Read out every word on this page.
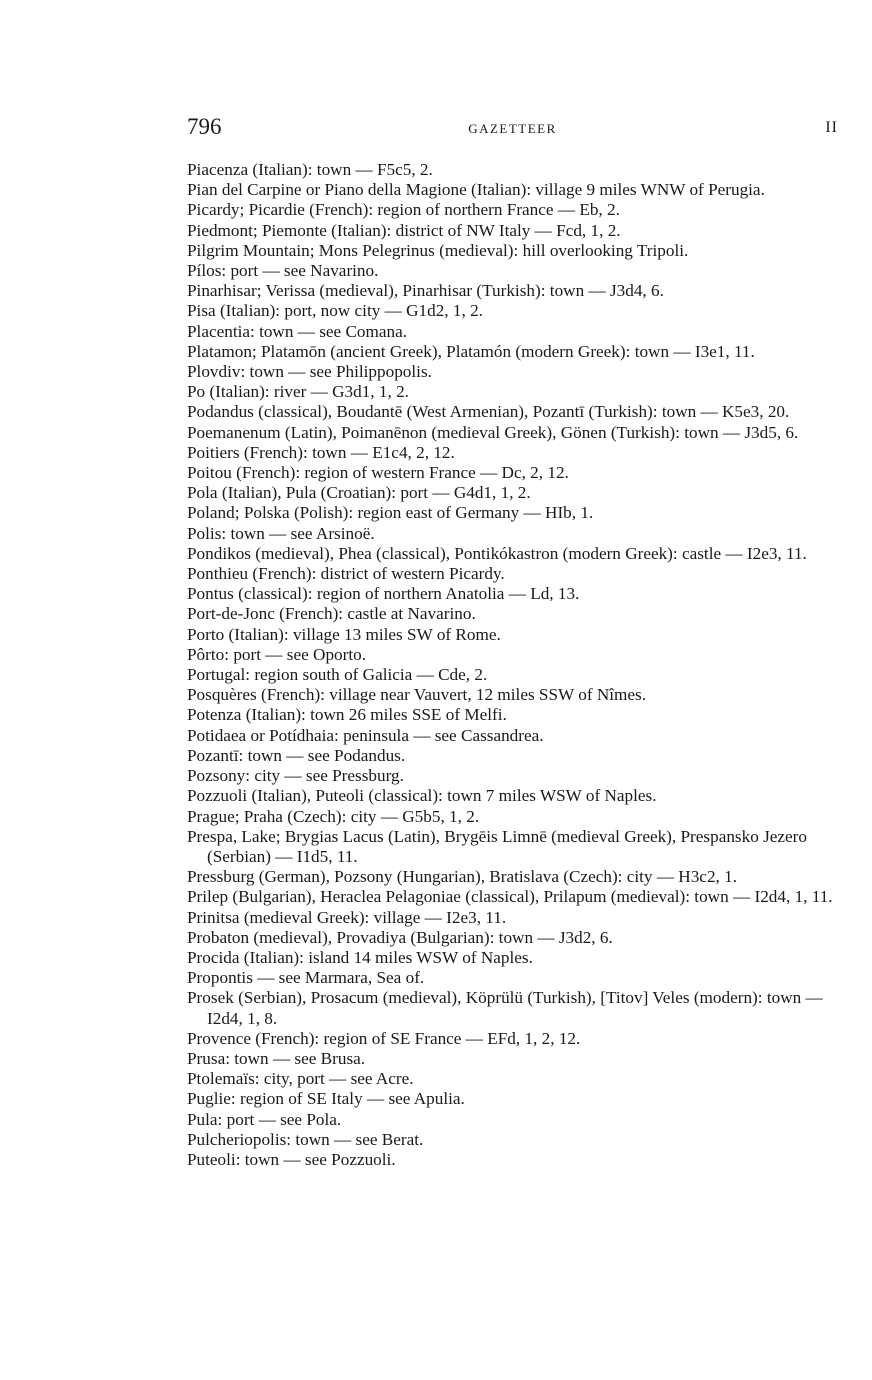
796	GAZETTEER	II

Piacenza (Italian): town — F5c5, 2.

Pian del Carpine or Piano della Magione (Italian): village 9 miles WNW of Perugia.

Picardy; Picardie (French): region of northern France — Eb, 2.

Piedmont; Piemonte (Italian): district of NW Italy — Fcd, 1, 2.

Pilgrim Mountain; Mons Pelegrinus (medieval): hill overlooking Tripoli.

Pílos: port — see Navarino.

Pinarhisar; Verissa (medieval), Pinarhisar (Turkish): town — J3d4, 6.

Pisa (Italian): port, now city — G1d2, 1, 2.

Placentia: town — see Comana.

Platamon; Platamōn (ancient Greek), Platamón (modern Greek): town — I3e1, 11.

Plovdiv: town — see Philippopolis.

Po (Italian): river — G3d1, 1, 2.

Podandus (classical), Boudantē (West Armenian), Pozantī (Turkish): town — K5e3, 20.

Poemanenum (Latin), Poimanēnon (medieval Greek), Gönen (Turkish): town — J3d5, 6.

Poitiers (French): town — E1c4, 2, 12.

Poitou (French): region of western France — Dc, 2, 12.

Pola (Italian), Pula (Croatian): port — G4d1, 1, 2.

Poland; Polska (Polish): region east of Germany — HIb, 1.

Polis: town — see Arsinoë.

Pondikos (medieval), Phea (classical), Pontikókastron (modern Greek): castle — I2e3, 11.

Ponthieu (French): district of western Picardy.

Pontus (classical): region of northern Anatolia — Ld, 13.

Port-de-Jonc (French): castle at Navarino.

Porto (Italian): village 13 miles SW of Rome.

Pôrto: port — see Oporto.

Portugal: region south of Galicia — Cde, 2.

Posquères (French): village near Vauvert, 12 miles SSW of Nîmes.

Potenza (Italian): town 26 miles SSE of Melfi.

Potidaea or Potídhaia: peninsula — see Cassandrea.

Pozantī: town — see Podandus.

Pozsony: city — see Pressburg.

Pozzuoli (Italian), Puteoli (classical): town 7 miles WSW of Naples.

Prague; Praha (Czech): city — G5b5, 1, 2.

Prespa, Lake; Brygias Lacus (Latin), Brygēis Limnē (medieval Greek), Prespansko Jezero (Serbian) — I1d5, 11.

Pressburg (German), Pozsony (Hungarian), Bratislava (Czech): city — H3c2, 1.

Prilep (Bulgarian), Heraclea Pelagoniae (classical), Prilapum (medieval): town — I2d4, 1, 11.

Prinitsa (medieval Greek): village — I2e3, 11.

Probaton (medieval), Provadiya (Bulgarian): town — J3d2, 6.

Procida (Italian): island 14 miles WSW of Naples.

Propontis — see Marmara, Sea of.

Prosek (Serbian), Prosacum (medieval), Köprülü (Turkish), [Titov] Veles (modern): town — I2d4, 1, 8.

Provence (French): region of SE France — EFd, 1, 2, 12.

Prusa: town — see Brusa.

Ptolemaïs: city, port — see Acre.

Puglie: region of SE Italy — see Apulia.

Pula: port — see Pola.

Pulcheriopolis: town — see Berat.

Puteoli: town — see Pozzuoli.
